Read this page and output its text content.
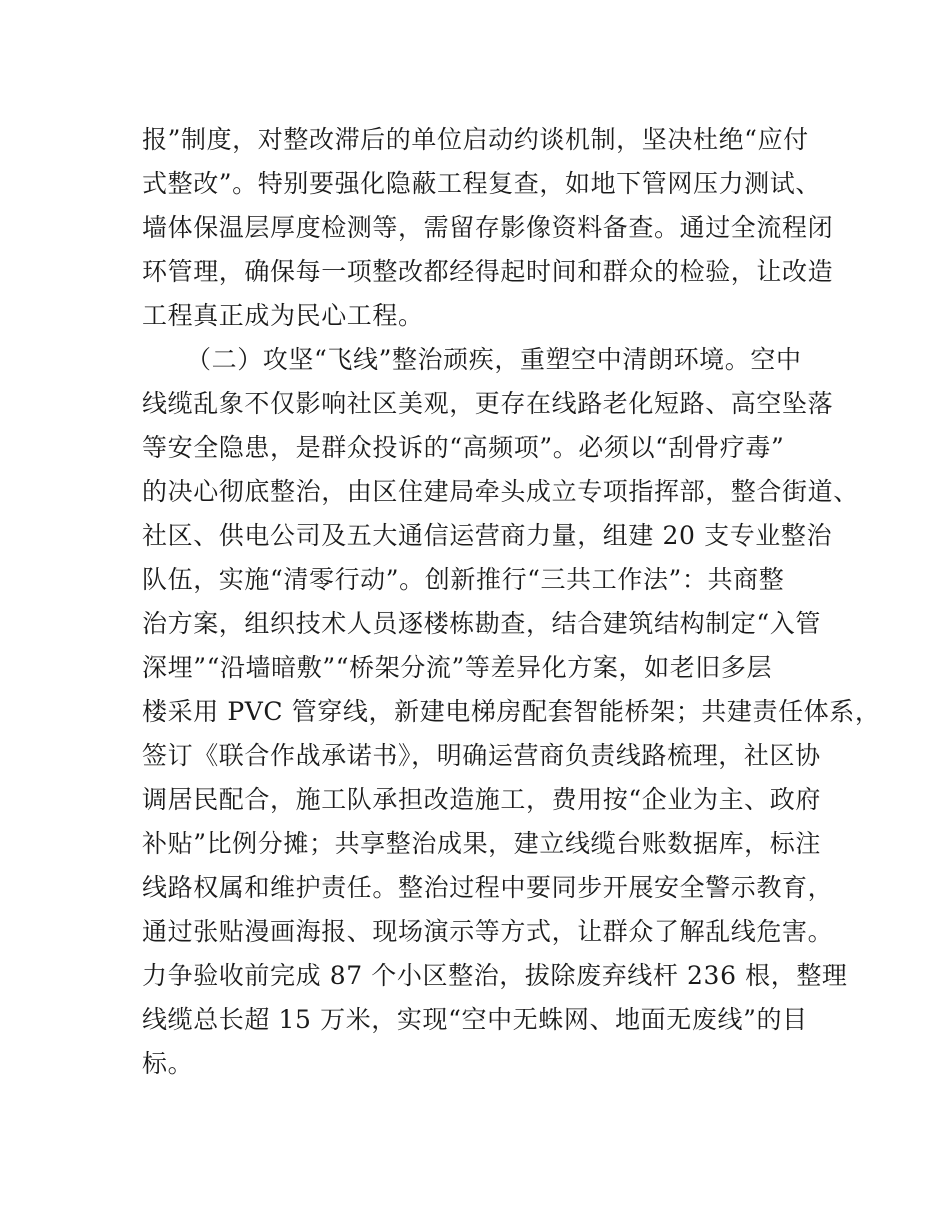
报”制度，对整改滞后的单位启动约谈机制，坚决杜绝“应付
式整改”。特别要强化隐蔽工程复查，如地下管网压力测试、
墙体保温层厚度检测等，需留存影像资料备查。通过全流程闭
环管理，确保每一项整改都经得起时间和群众的检验，让改造
工程真正成为民心工程。
（二）攻坚“飞线”整治顽疾，重塑空中清朗环境。空中
线缆乱象不仅影响社区美观，更存在线路老化短路、高空坠落
等安全隐患，是群众投诉的“高频项”。必须以“刮骨疗毒”
的决心彻底整治，由区住建局牵头成立专项指挥部，整合街道、
社区、供电公司及五大通信运营商力量，组建 20 支专业整治
队伍，实施“清零行动”。创新推行“三共工作法”：共商整
治方案，组织技术人员逐楼栋勘查，结合建筑结构制定“入管
深埋”“沿墙暗敷”“桥架分流”等差异化方案，如老旧多层
楼采用 PVC 管穿线，新建电梯房配套智能桥架；共建责任体系，
签订《联合作战承诺书》，明确运营商负责线路梳理，社区协
调居民配合，施工队承担改造施工，费用按“企业为主、政府
补贴”比例分摊；共享整治成果，建立线缆台账数据库，标注
线路权属和维护责任。整治过程中要同步开展安全警示教育，
通过张贴漫画海报、现场演示等方式，让群众了解乱线危害。
力争验收前完成 87 个小区整治，拔除废弃线杆 236 根，整理
线缆总长超 15 万米，实现“空中无蛛网、地面无废线”的目
标。
